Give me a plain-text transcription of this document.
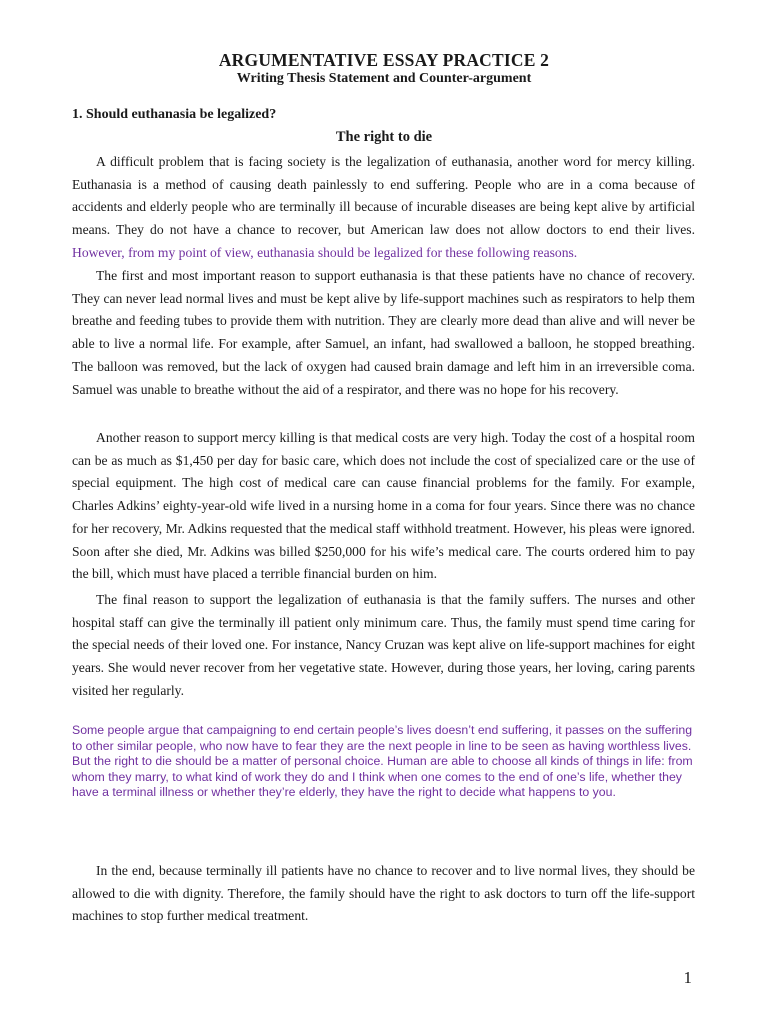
ARGUMENTATIVE ESSAY PRACTICE 2
Writing Thesis Statement and Counter-argument
1. Should euthanasia be legalized?
The right to die

A difficult problem that is facing society is the legalization of euthanasia, another word for mercy killing. Euthanasia is a method of causing death painlessly to end suffering. People who are in a coma because of accidents and elderly people who are terminally ill because of incurable diseases are being kept alive by artificial means. They do not have a chance to recover, but American law does not allow doctors to end their lives. However, from my point of view, euthanasia should be legalized for these following reasons.

The first and most important reason to support euthanasia is that these patients have no chance of recovery. They can never lead normal lives and must be kept alive by life-support machines such as respirators to help them breathe and feeding tubes to provide them with nutrition. They are clearly more dead than alive and will never be able to live a normal life. For example, after Samuel, an infant, had swallowed a balloon, he stopped breathing. The balloon was removed, but the lack of oxygen had caused brain damage and left him in an irreversible coma. Samuel was unable to breathe without the aid of a respirator, and there was no hope for his recovery.

Another reason to support mercy killing is that medical costs are very high. Today the cost of a hospital room can be as much as $1,450 per day for basic care, which does not include the cost of specialized care or the use of special equipment. The high cost of medical care can cause financial problems for the family. For example, Charles Adkins’ eighty-year-old wife lived in a nursing home in a coma for four years. Since there was no chance for her recovery, Mr. Adkins requested that the medical staff withhold treatment. However, his pleas were ignored. Soon after she died, Mr. Adkins was billed $250,000 for his wife’s medical care. The courts ordered him to pay the bill, which must have placed a terrible financial burden on him.

The final reason to support the legalization of euthanasia is that the family suffers. The nurses and other hospital staff can give the terminally ill patient only minimum care. Thus, the family must spend time caring for the special needs of their loved one. For instance, Nancy Cruzan was kept alive on life-support machines for eight years. She would never recover from her vegetative state. However, during those years, her loving, caring parents visited her regularly.

Some people argue that campaigning to end certain people’s lives doesn’t end suffering, it passes on the suffering to other similar people, who now have to fear they are the next people in line to be seen as having worthless lives. But the right to die should be a matter of personal choice. Human are able to choose all kinds of things in life: from whom they marry, to what kind of work they do and I think when one comes to the end of one’s life, whether they have a terminal illness or whether they’re elderly, they have the right to decide what happens to you.

In the end, because terminally ill patients have no chance to recover and to live normal lives, they should be allowed to die with dignity. Therefore, the family should have the right to ask doctors to turn off the life-support machines to stop further medical treatment.

1
